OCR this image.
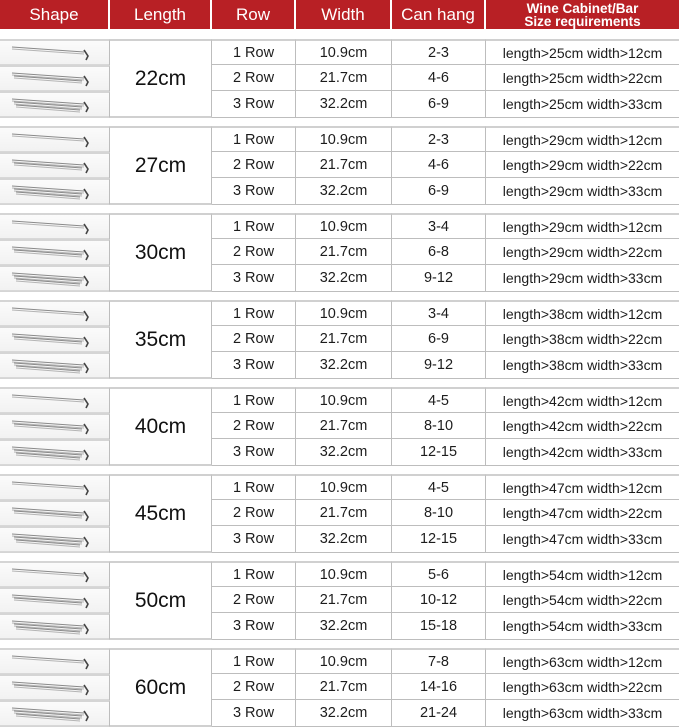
Shape	Length	Row	Width	Can hang	Wine Cabinet/Bar
Size requirements

	22cm	1 Row	10.9cm	2-3	length>25cm width>12cm

	2 Row	21.7cm	4-6	length>25cm width>22cm

	3 Row	32.2cm	6-9	length>25cm width>33cm

	27cm	1 Row	10.9cm	2-3	length>29cm width>12cm

	2 Row	21.7cm	4-6	length>29cm width>22cm

	3 Row	32.2cm	6-9	length>29cm width>33cm

	30cm	1 Row	10.9cm	3-4	length>29cm width>12cm

	2 Row	21.7cm	6-8	length>29cm width>22cm

	3 Row	32.2cm	9-12	length>29cm width>33cm

	35cm	1 Row	10.9cm	3-4	length>38cm width>12cm

	2 Row	21.7cm	6-9	length>38cm width>22cm

	3 Row	32.2cm	9-12	length>38cm width>33cm

	40cm	1 Row	10.9cm	4-5	length>42cm width>12cm

	2 Row	21.7cm	8-10	length>42cm width>22cm

	3 Row	32.2cm	12-15	length>42cm width>33cm

	45cm	1 Row	10.9cm	4-5	length>47cm width>12cm

	2 Row	21.7cm	8-10	length>47cm width>22cm

	3 Row	32.2cm	12-15	length>47cm width>33cm

	50cm	1 Row	10.9cm	5-6	length>54cm width>12cm

	2 Row	21.7cm	10-12	length>54cm width>22cm

	3 Row	32.2cm	15-18	length>54cm width>33cm

	60cm	1 Row	10.9cm	7-8	length>63cm width>12cm

	2 Row	21.7cm	14-16	length>63cm width>22cm

	3 Row	32.2cm	21-24	length>63cm width>33cm
